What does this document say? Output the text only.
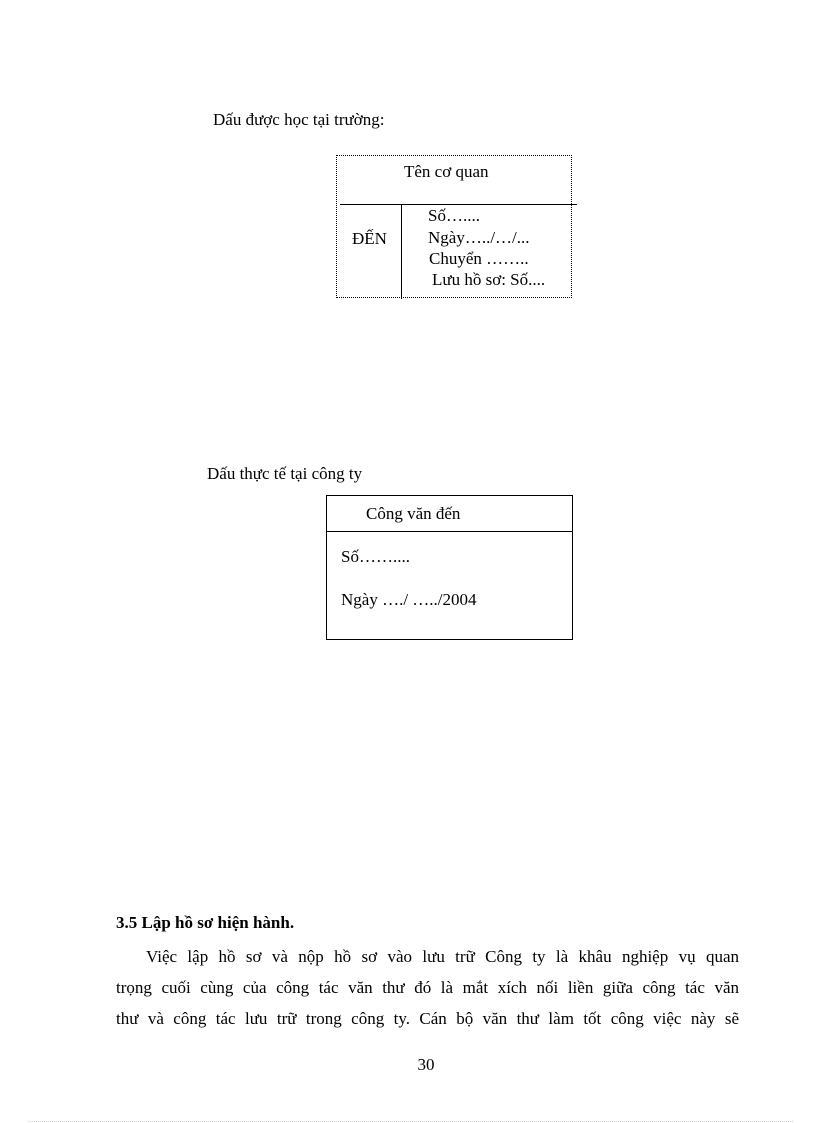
Dấu được học tại trường:
Tên cơ quan
ĐẾN
Số…....
Ngày…../…/...
Chuyển ……..
Lưu hồ sơ: Số....
Dấu thực tế tại công ty
Công văn đến
Số……....
Ngày …./ …../2004
3.5 Lập hồ sơ hiện hành.
Việc lập hồ sơ và nộp hồ sơ vào lưu trữ Công ty là khâu nghiệp vụ quan
trọng cuối cùng của công tác văn thư đó là mắt xích nối liền giữa công tác văn
thư và công tác lưu trữ trong công ty. Cán bộ văn thư làm tốt công việc này sẽ
30
